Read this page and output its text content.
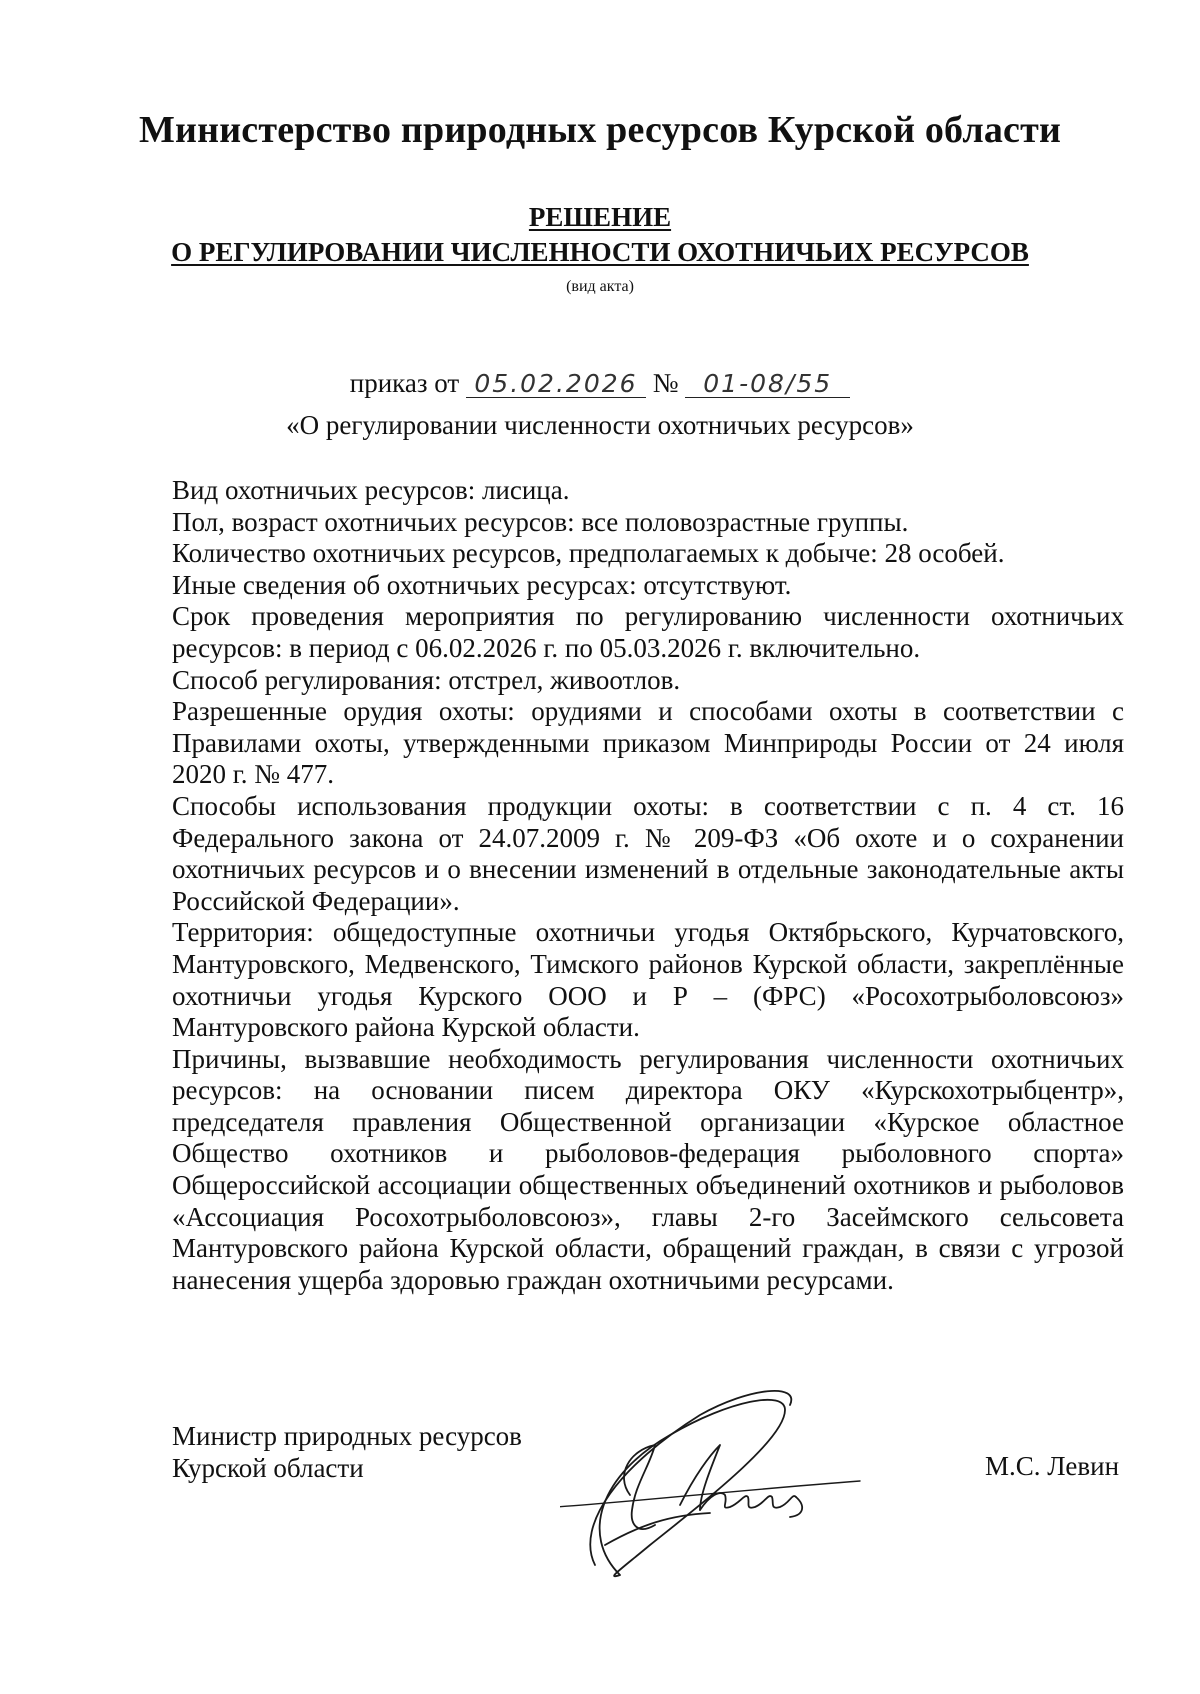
Министерство природных ресурсов Курской области
РЕШЕНИЕ
О РЕГУЛИРОВАНИИ ЧИСЛЕННОСТИ ОХОТНИЧЬИХ РЕСУРСОВ
(вид акта)
приказ от 05.02.2026 № 01-08/55
«О регулировании численности охотничьих ресурсов»

Вид охотничьих ресурсов: лисица.

Пол, возраст охотничьих ресурсов: все половозрастные группы.

Количество охотничьих ресурсов, предполагаемых к добыче: 28 особей.

Иные сведения об охотничьих ресурсах: отсутствуют.

Срок проведения мероприятия по регулированию численности охотничьих ресурсов: в период с 06.02.2026 г. по 05.03.2026 г. включительно.

Способ регулирования: отстрел, живоотлов.

Разрешенные орудия охоты: орудиями и способами охоты в соответствии с Правилами охоты, утвержденными приказом Минприроды России от 24 июля 2020 г. № 477.

Способы использования продукции охоты: в соответствии с п. 4 ст. 16 Федерального закона от 24.07.2009 г. № 209-ФЗ «Об охоте и о сохранении охотничьих ресурсов и о внесении изменений в отдельные законодательные акты Российской Федерации».

Территория: общедоступные охотничьи угодья Октябрьского, Курчатовского, Мантуровского, Медвенского, Тимского районов Курской области, закреплённые охотничьи угодья Курского ООО и Р – (ФРС) «Росохотрыболовсоюз» Мантуровского района Курской области.

Причины, вызвавшие необходимость регулирования численности охотничьих ресурсов: на основании писем директора ОКУ «Курскохотрыбцентр», председателя правления Общественной организации «Курское областное Общество охотников и рыболовов-федерация рыболовного спорта» Общероссийской ассоциации общественных объединений охотников и рыболовов «Ассоциация Росохотрыболовсоюз», главы 2-го Засеймского сельсовета Мантуровского района Курской области, обращений граждан, в связи с угрозой нанесения ущерба здоровью граждан охотничьими ресурсами.

Министр природных ресурсов
Курской области	М.С. Левин
